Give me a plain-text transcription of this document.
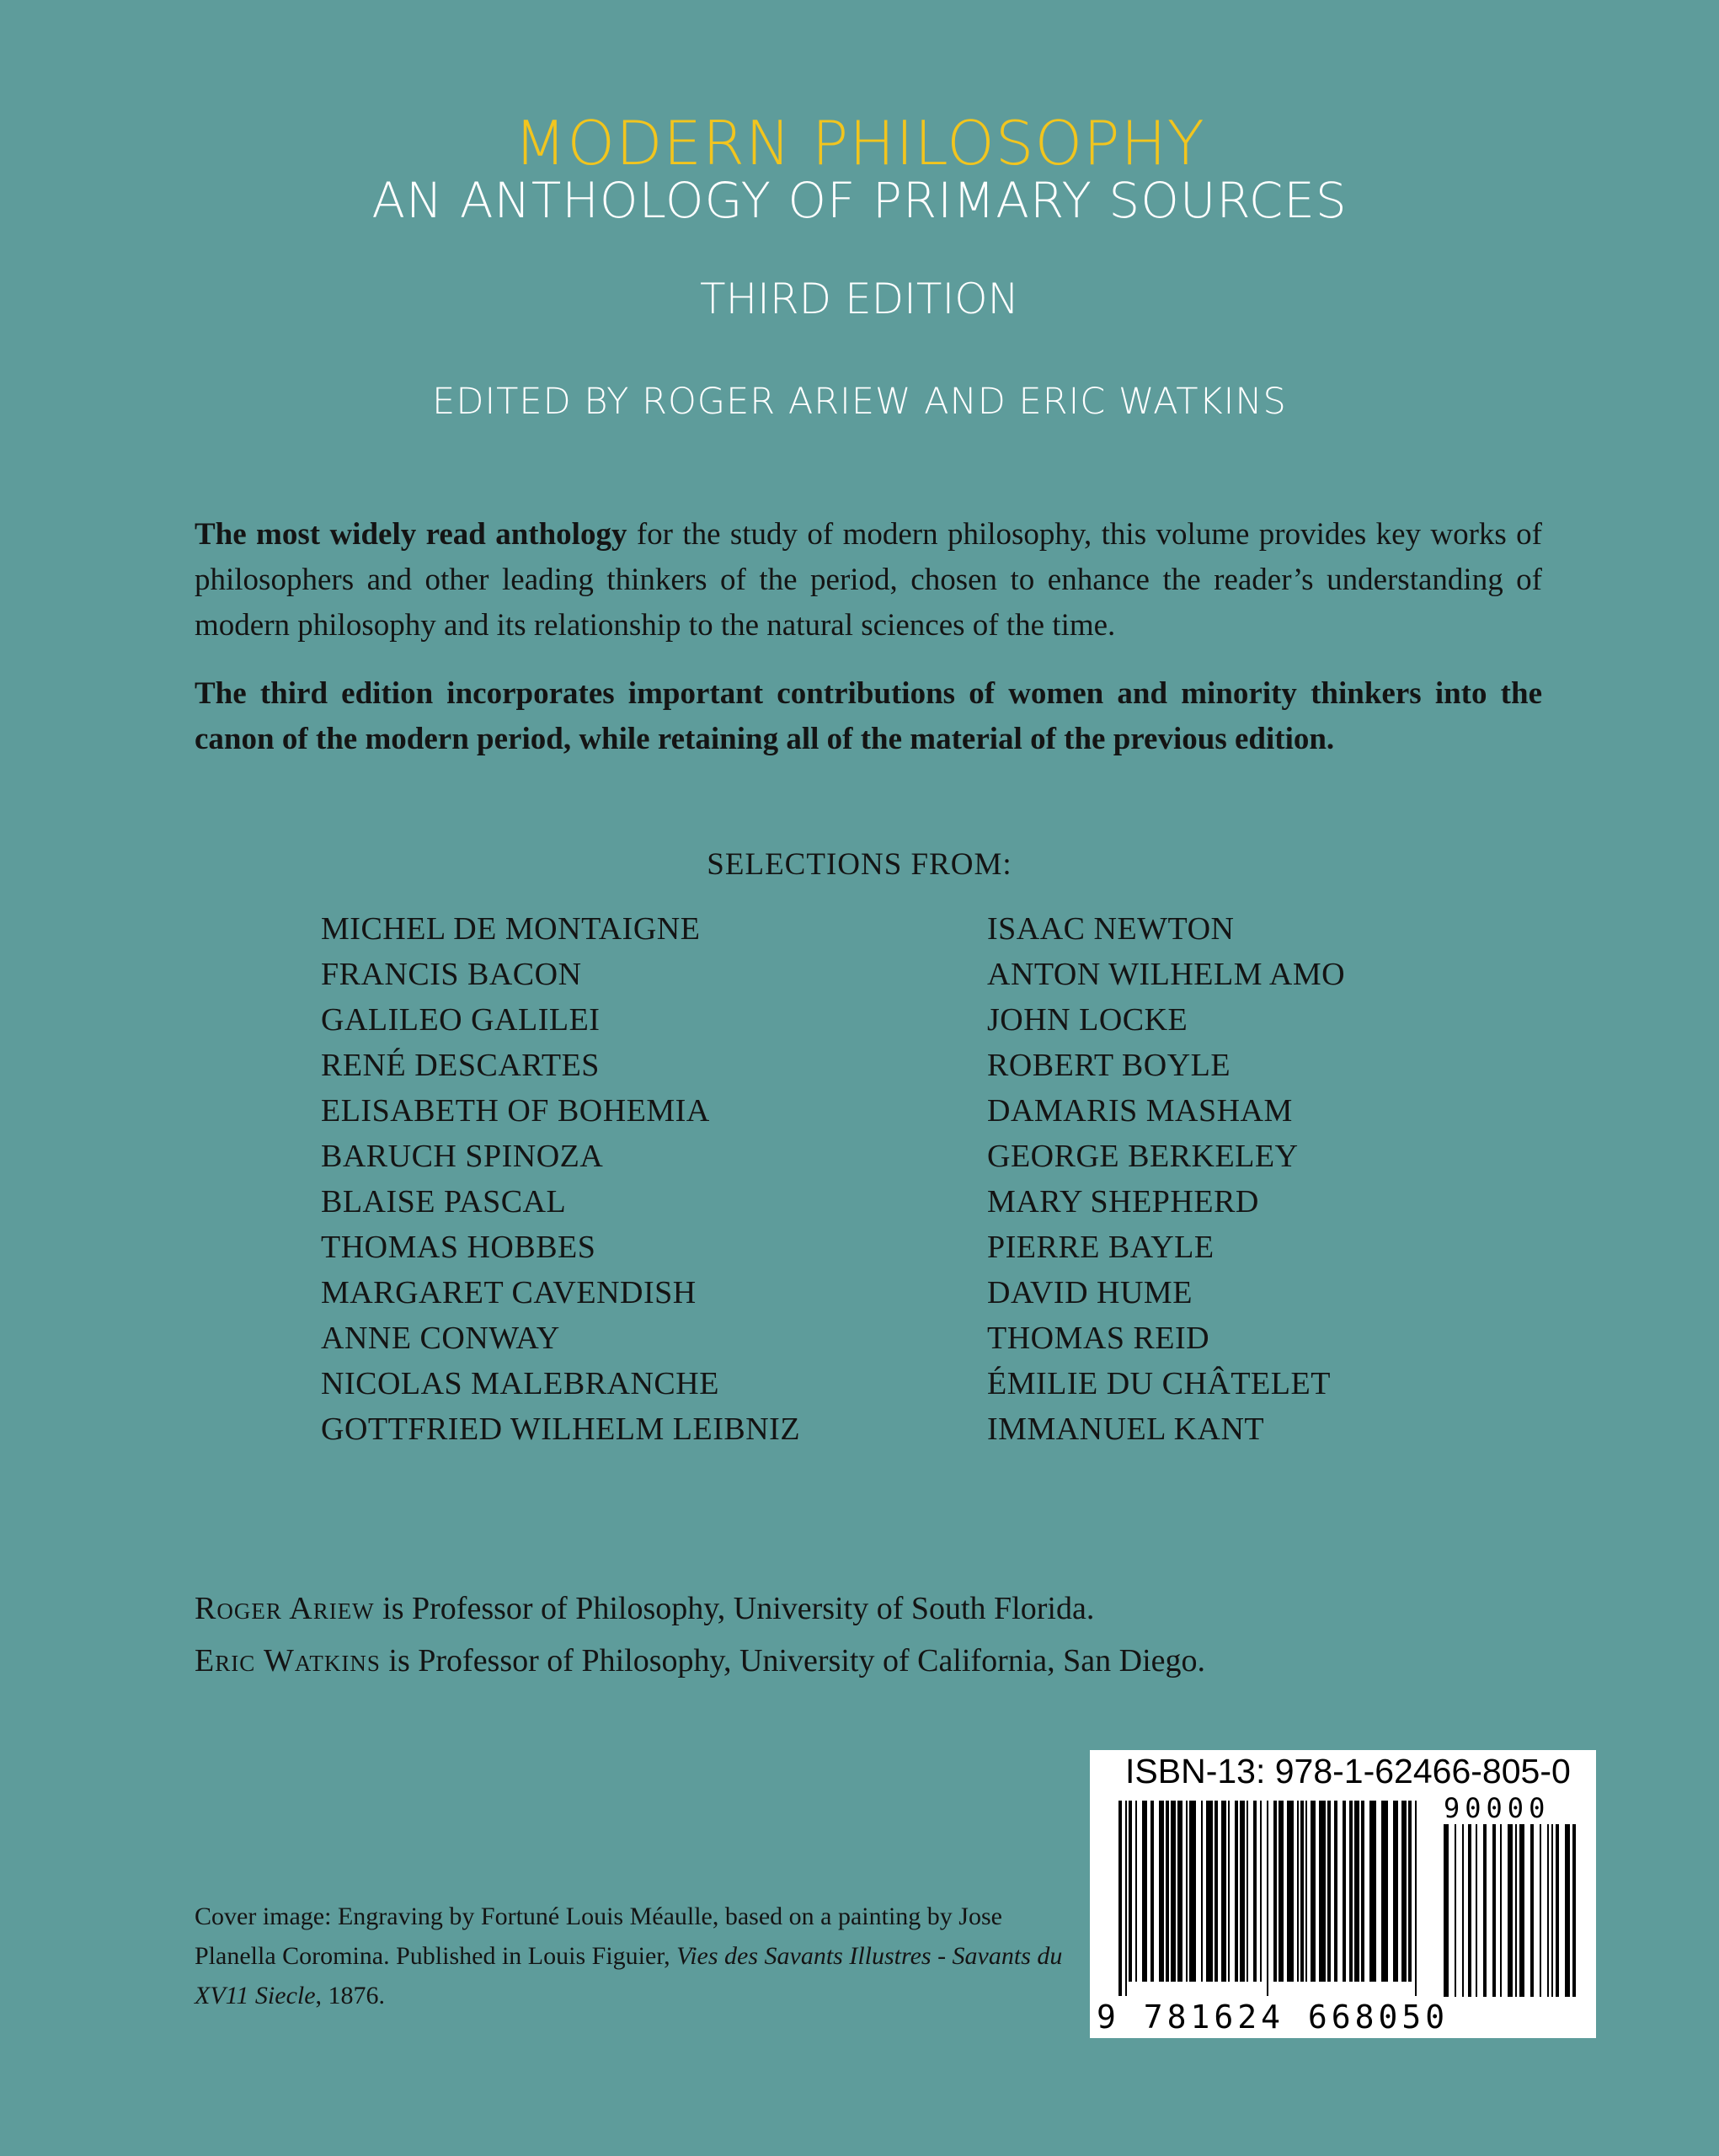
MODERN PHILOSOPHY
AN ANTHOLOGY OF PRIMARY SOURCES
THIRD EDITION
EDITED BY ROGER ARIEW AND ERIC WATKINS

The most widely read anthology for the study of modern philosophy, this volume provides key works of philosophers and other leading thinkers of the period, chosen to enhance the reader’s understanding of modern philosophy and its relationship to the natural sciences of the time.

The third edition incorporates important contributions of women and minority thinkers into the canon of the modern period, while retaining all of the material of the previous edition.

SELECTIONS FROM:
MICHEL DE MONTAIGNE
FRANCIS BACON
GALILEO GALILEI
RENÉ DESCARTES
ELISABETH OF BOHEMIA
BARUCH SPINOZA
BLAISE PASCAL
THOMAS HOBBES
MARGARET CAVENDISH
ANNE CONWAY
NICOLAS MALEBRANCHE
GOTTFRIED WILHELM LEIBNIZ
ISAAC NEWTON
ANTON WILHELM AMO
JOHN LOCKE
ROBERT BOYLE
DAMARIS MASHAM
GEORGE BERKELEY
MARY SHEPHERD
PIERRE BAYLE
DAVID HUME
THOMAS REID
ÉMILIE DU CHÂTELET
IMMANUEL KANT
Roger Ariew is Professor of Philosophy, University of South Florida.
Eric Watkins is Professor of Philosophy, University of California, San Diego.

Cover image: Engraving by Fortuné Louis Méaulle, based on a painting by Jose Planella Coromina. Published in Louis Figuier, Vies des Savants Illustres - Savants du XV11 Siecle, 1876.

ISBN-13: 978-1-62466-805-0
90000
9 781624 668050
